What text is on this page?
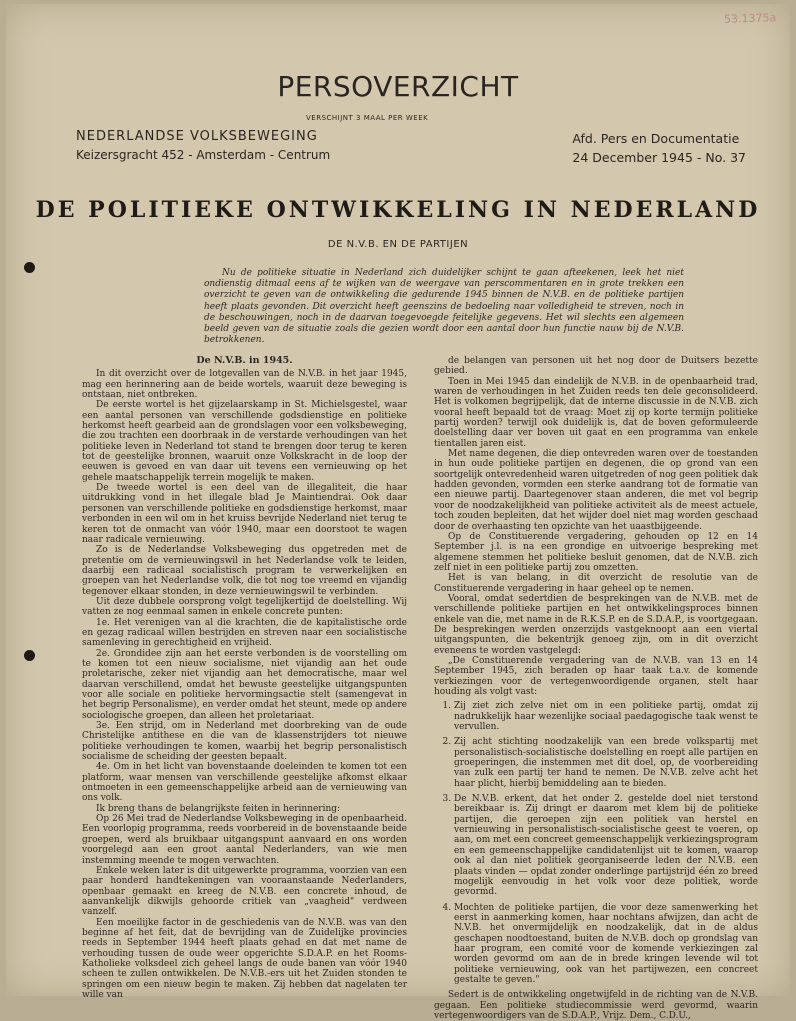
53.1375a
PERSOVERZICHT
VERSCHIJNT 3 MAAL PER WEEK
NEDERLANDSE VOLKSBEWEGING
Keizersgracht 452 - Amsterdam - Centrum
Afd. Pers en Documentatie
24 December 1945 - No. 37
DE POLITIEKE ONTWIKKELING IN NEDERLAND
DE N.V.B. EN DE PARTIJEN
Nu de politieke situatie in Nederland zich duidelijker schijnt te gaan afteekenen, leek het niet ondienstig ditmaal eens af te wijken van de weergave van perscommentaren en in grote trekken een overzicht te geven van de ontwikkeling die gedurende 1945 binnen de N.V.B. en de politieke partijen heeft plaats gevonden. Dit overzicht heeft geenszins de bedoeling naar volledigheid te streven, noch in de beschouwingen, noch in de daarvan toegevoegde feitelijke gegevens. Het wil slechts een algemeen beeld geven van de situatie zoals die gezien wordt door een aantal door hun functie nauw bij de N.V.B. betrokkenen.
De N.V.B. in 1945.

In dit overzicht over de lotgevallen van de N.V.B. in het jaar 1945, mag een herinnering aan de beide wortels, waaruit deze beweging is ontstaan, niet ontbreken.

De eerste wortel is het gijzelaarskamp in St. Michielsgestel, waar een aantal personen van verschillende godsdienstige en politieke herkomst heeft gearbeid aan de grondslagen voor een volksbeweging, die zou trachten een doorbraak in de verstarde verhoudingen van het politieke leven in Nederland tot stand te brengen door terug te keren tot de geestelijke bronnen, waaruit onze Volkskracht in de loop der eeuwen is gevoed en van daar uit tevens een vernieuwing op het gehele maatschappelijk terrein mogelijk te maken.

De tweede wortel is een deel van de illegaliteit, die haar uitdrukking vond in het illegale blad Je Maintiendrai. Ook daar personen van verschillende politieke en godsdienstige herkomst, maar verbonden in een wil om in het kruiss bevrijde Nederland niet terug te keren tot de onmacht van vóór 1940, maar een doorstoot te wagen naar radicale vernieuwing.

Zo is de Nederlandse Volksbeweging dus opgetreden met de pretentie om de vernieuwingswil in het Nederlandse volk te leiden, daarbij een radicaal socialistisch program te verwerkelijken en groepen van het Nederlandse volk, die tot nog toe vreemd en vijandig tegenover elkaar stonden, in deze vernieuwingswil te verbinden.

Uit deze dubbele oorsprong volgt tegelijkertijd de doelstelling. Wij vatten ze nog eenmaal samen in enkele concrete punten:

1e. Het verenigen van al die krachten, die de kapitalistische orde en gezag radicaal willen bestrijden en streven naar een socialistische samenleving in gerechtigheid en vrijheid.

2e. Grondidee zijn aan het eerste verbonden is de voorstelling om te komen tot een nieuw socialisme, niet vijandig aan het oude proletarische, zeker niet vijandig aan het democratische, maar wel daarvan verschillend, omdat het bewuste geestelijke uitgangspunten voor alle sociale en politieke hervormingsactie stelt (samengevat in het begrip Personalisme), en verder omdat het steunt, mede op andere sociologische groepen, dan alleen het proletariaat.

3e. Een strijd, om in Nederland met doorbreking van de oude Christelijke antithese en die van de klassenstrijders tot nieuwe politieke verhoudingen te komen, waarbij het begrip personalistisch socialisme de scheiding der geesten bepaalt.

4e. Om in het licht van bovenstaande doeleinden te komen tot een platform, waar mensen van verschillende geestelijke afkomst elkaar ontmoeten in een gemeenschappelijke arbeid aan de vernieuwing van ons volk.

Ik breng thans de belangrijkste feiten in herinnering:

Op 26 Mei trad de Nederlandse Volksbeweging in de openbaarheid. Een voorlopig programma, reeds voorbereid in de bovenstaande beide groepen, werd als bruikbaar uitgangspunt aanvaard en ons worden voorgelegd aan een groot aantal Nederlanders, van wie men instemming meende te mogen verwachten.

Enkele weken later is dit uitgewerkte programma, voorzien van een paar honderd handtekeningen van vooraanstaande Nederlanders, openbaar gemaakt en kreeg de N.V.B. een concrete inhoud, de aanvankelijk dikwijls gehoorde critiek van „vaagheid" verdween vanzelf.

Een moeilijke factor in de geschiedenis van de N.V.B. was van den beginne af het feit, dat de bevrijding van de Zuidelijke provincies reeds in September 1944 heeft plaats gehad en dat met name de verhouding tussen de oude weer opgerichte S.D.A.P. en het Rooms-Katholieke volksdeel zich geheel langs de oude banen van vóór 1940 scheen te zullen ontwikkelen. De N.V.B.-ers uit het Zuiden stonden te springen om een nieuw begin te maken. Zij hebben dat nagelaten ter wille van

de belangen van personen uit het nog door de Duitsers bezette gebied.

Toen in Mei 1945 dan eindelijk de N.V.B. in de openbaarheid trad, waren de verhoudingen in het Zuiden reeds ten dele geconsolideerd. Het is volkomen begrijpelijk, dat de interne discussie in de N.V.B. zich vooral heeft bepaald tot de vraag: Moet zij op korte termijn politieke partij worden? terwijl ook duidelijk is, dat de boven geformuleerde doelstelling daar ver boven uit gaat en een programma van enkele tientallen jaren eist.

Met name degenen, die diep ontevreden waren over de toestanden in hun oude politieke partijen en degenen, die op grond van een soortgelijk ontevredenheid waren uitgetreden of nog geen politiek dak hadden gevonden, vormden een sterke aandrang tot de formatie van een nieuwe partij. Daartegenover staan anderen, die met vol begrip voor de noodzakelijkheid van politieke activiteit als de meest actuele, toch zouden bepleiten, dat het wijder doel niet mag worden geschaad door de overhaasting ten opzichte van het uaastbijgeende.

Op de Constituerende vergadering, gehouden op 12 en 14 September j.l. is na een grondige en uitvoerige bespreking met algemene stemmen het politieke besluit genomen, dat de N.V.B. zich zelf niet in een politieke partij zou omzetten.

Het is van belang, in dit overzicht de resolutie van de Constituerende vergadering in haar geheel op te nemen.

Vooral, omdat sedertdien de besprekingen van de N.V.B. met de verschillende politieke partijen en het ontwikkelingsproces binnen enkele van die, met name in de R.K.S.P. en de S.D.A.P., is voortgegaan. De besprekingen werden onzerzijds vastgeknoopt aan een viertal uitgangspunten, die bekentrijk genoeg zijn, om in dit overzicht eveneens te worden vastgelegd:

„De Constituerende vergadering van de N.V.B. van 13 en 14 September 1945, zich beraden op haar taak t.a.v. de komende verkiezingen voor de vertegenwoordigende organen, stelt haar houding als volgt vast:

1. Zij ziet zich zelve niet om in een politieke partij, omdat zij nadrukkelijk haar wezenlijke sociaal paedagogische taak wenst te vervullen.
2. Zij acht stichting noodzakelijk van een brede volkspartij met personalistisch-socialistische doelstelling en roept alle partijen en groeperingen, die instemmen met dit doel, op, de voorbereiding van zulk een partij ter hand te nemen. De N.V.B. zelve acht het haar plicht, hierbij bemiddeling aan te bieden.
3. De N.V.B. erkent, dat het onder 2. gestelde doel niet terstond bereikbaar is. Zij dringt er daarom met klem bij de politieke partijen, die geroepen zijn een politiek van herstel en vernieuwing in personalistisch-socialistische geest te voeren, op aan, om met een concreet gemeenschappelijk verkiezingsprogram en een gemeenschappelijke candidatenlijst uit te komen, waarop ook al dan niet politiek georganiseerde leden der N.V.B. een plaats vinden — opdat zonder onderlinge partijstrijd één zo breed mogelijk eenvoudig in het volk voor deze politiek, worde gevormd.
4. Mochten de politieke partijen, die voor deze samenwerking het eerst in aanmerking komen, haar nochtans afwijzen, dan acht de N.V.B. het onvermijdelijk en noodzakelijk, dat in de aldus geschapen noodtoestand, buiten de N.V.B. doch op grondslag van haar program, een comité voor de komende verkiezingen zal worden gevormd om aan de in brede kringen levende wil tot politieke vernieuwing, ook van het partijwezen, een concreet gestalte te geven."

Sedert is de ontwikkeling ongetwijfeld in de richting van de N.V.B. gegaan. Een politieke studiecommissie werd gevormd, waarin vertegenwoordigers van de S.D.A.P., Vrijz. Dem., C.D.U.,
